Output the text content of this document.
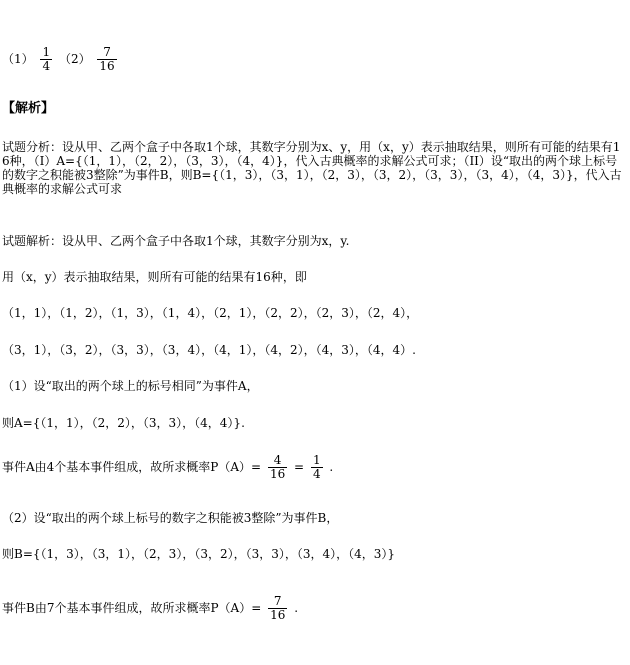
$(1) \frac{1}{4} (2) \frac{7}{16}$
【解析】
试题分析：设从甲、乙两个盒子中各取1个球，其数字分别为x、y，用（x，y）表示抽取结果，则所有可能的结果有16种，（I）A={（1，1），（2，2），（3，3），（4，4）}，代入古典概率的求解公式可求；（II）设“取出的两个球上标号的数字之积能被3整除”为事件B，则B={（1，3），（3，1），（2，3），（3，2），（3，3），（3，4），（4，3）}，代入古典概率的求解公式可求
试题解析：设从甲、乙两个盒子中各取1个球，其数字分别为x，y.
用（x，y）表示抽取结果，则所有可能的结果有16种，即
（1，1），（1，2），（1，3），（1，4），（2，1），（2，2），（2，3），（2，4），
（3，1），（3，2），（3，3），（3，4），（4，1），（4，2），（4，3），（4，4）.
（1）设“取出的两个球上的标号相同”为事件A，
则A={（1，1），（2，2），（3，3），（4，4）}.
事件A由4个基本事件组成，故所求概率$P(A)= \frac{4}{16} = \frac{1}{4}$ .
（2）设“取出的两个球上标号的数字之积能被3整除”为事件B，
则B={（1，3），（3，1），（2，3），（3，2），（3，3），（3，4），（4，3）}
事件B由7个基本事件组成，故所求概率$P(A)= \frac{7}{16}$ .
